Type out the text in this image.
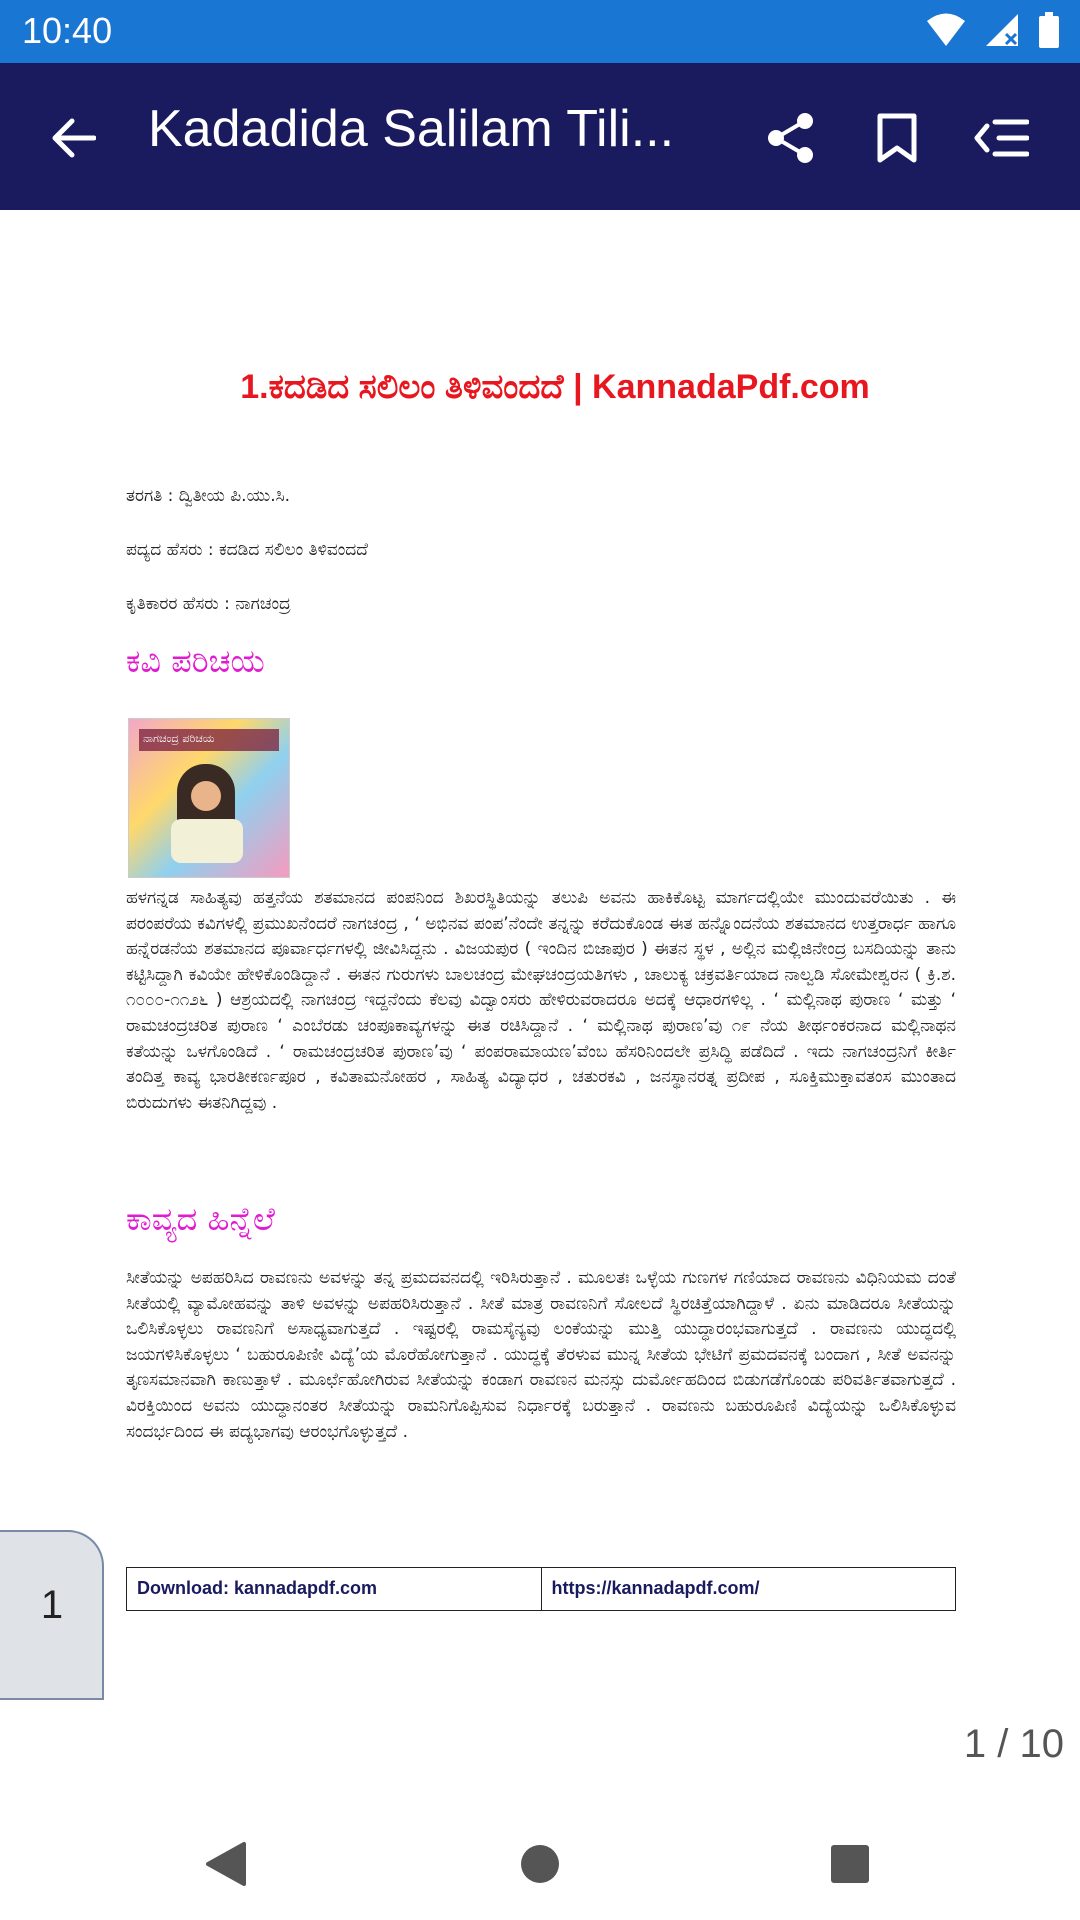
10:40
Kadadida Salilam Tili...
1.ಕದಡಿದ ಸಲಿಲಂ ತಿಳಿವಂದದೆ | KannadaPdf.com
ತರಗತಿ : ದ್ವಿತೀಯ ಪಿ.ಯು.ಸಿ.
ಪದ್ಯದ ಹೆಸರು : ಕದಡಿದ ಸಲಿಲಂ ತಿಳಿವಂದದೆ
ಕೃತಿಕಾರರ ಹೆಸರು : ನಾಗಚಂದ್ರ
ಕವಿ ಪರಿಚಯ
ನಾಗಚಂದ್ರ ಪರಿಚಯ
ಹಳಗನ್ನಡ ಸಾಹಿತ್ಯವು ಹತ್ತನೆಯ ಶತಮಾನದ ಪಂಪನಿಂದ ಶಿಖರಸ್ಥಿತಿಯನ್ನು ತಲುಪಿ ಅವನು ಹಾಕಿಕೊಟ್ಟ ಮಾರ್ಗದಲ್ಲಿಯೇ ಮುಂದುವರೆಯಿತು . ಈ ಪರಂಪರೆಯ ಕವಿಗಳಲ್ಲಿ ಪ್ರಮುಖನೆಂದರೆ ನಾಗಚಂದ್ರ , ‘ ಅಭಿನವ ಪಂಪ’ನೆಂದೇ ತನ್ನನ್ನು ಕರೆದುಕೊಂಡ ಈತ ಹನ್ನೊಂದನೆಯ ಶತಮಾನದ ಉತ್ತರಾರ್ಧ ಹಾಗೂ ಹನ್ನೆರಡನೆಯ ಶತಮಾನದ ಪೂರ್ವಾರ್ಧಗಳಲ್ಲಿ ಜೀವಿಸಿದ್ದನು . ವಿಜಯಪುರ ( ಇಂದಿನ ಬಿಜಾಪುರ ) ಈತನ ಸ್ಥಳ , ಅಲ್ಲಿನ ಮಲ್ಲಿಜಿನೇಂದ್ರ ಬಸದಿಯನ್ನು ತಾನು ಕಟ್ಟಿಸಿದ್ದಾಗಿ ಕವಿಯೇ ಹೇಳಿಕೊಂಡಿದ್ದಾನೆ . ಈತನ ಗುರುಗಳು ಬಾಲಚಂದ್ರ ಮೇಘಚಂದ್ರಯತಿಗಳು , ಚಾಲುಕ್ಯ ಚಕ್ರವರ್ತಿಯಾದ ನಾಲ್ವಡಿ ಸೋಮೇಶ್ವರನ ( ಕ್ರಿ.ಶ. ೧೦೦೦-೧೧೨೬ ) ಆಶ್ರಯದಲ್ಲಿ ನಾಗಚಂದ್ರ ಇದ್ದನೆಂದು ಕೆಲವು ವಿದ್ವಾಂಸರು ಹೇಳಿರುವರಾದರೂ ಅದಕ್ಕೆ ಆಧಾರಗಳಿಲ್ಲ . ‘ ಮಲ್ಲಿನಾಥ ಪುರಾಣ ‘ ಮತ್ತು ‘ ರಾಮಚಂದ್ರಚರಿತ ಪುರಾಣ ‘ ಎಂಬೆರಡು ಚಂಪೂಕಾವ್ಯಗಳನ್ನು ಈತ ರಚಿಸಿದ್ದಾನೆ . ‘ ಮಲ್ಲಿನಾಥ ಪುರಾಣ’ವು ೧೯ ನೆಯ ತೀರ್ಥಂಕರನಾದ ಮಲ್ಲಿನಾಥನ ಕತೆಯನ್ನು ಒಳಗೊಂಡಿದೆ . ‘ ರಾಮಚಂದ್ರಚರಿತ ಪುರಾಣ’ವು ‘ ಪಂಪರಾಮಾಯಣ’ವೆಂಬ ಹೆಸರಿನಿಂದಲೇ ಪ್ರಸಿದ್ಧಿ ಪಡೆದಿದೆ . ಇದು ನಾಗಚಂದ್ರನಿಗೆ ಕೀರ್ತಿ ತಂದಿತ್ತ ಕಾವ್ಯ ಭಾರತೀಕರ್ಣಪೂರ , ಕವಿತಾಮನೋಹರ , ಸಾಹಿತ್ಯ ವಿದ್ಯಾಧರ , ಚತುರಕವಿ , ಜನಸ್ಥಾನರತ್ನ ಪ್ರದೀಪ , ಸೂಕ್ತಿಮುಕ್ತಾವತಂಸ ಮುಂತಾದ ಬಿರುದುಗಳು ಈತನಿಗಿದ್ದವು .
ಕಾವ್ಯದ ಹಿನ್ನೆಲೆ
ಸೀತೆಯನ್ನು ಅಪಹರಿಸಿದ ರಾವಣನು ಅವಳನ್ನು ತನ್ನ ಪ್ರಮದವನದಲ್ಲಿ ಇರಿಸಿರುತ್ತಾನೆ . ಮೂಲತಃ ಒಳ್ಳೆಯ ಗುಣಗಳ ಗಣಿಯಾದ ರಾವಣನು ವಿಧಿನಿಯಮ ದಂತೆ ಸೀತೆಯಲ್ಲಿ ವ್ಯಾಮೋಹವನ್ನು ತಾಳಿ ಅವಳನ್ನು ಅಪಹರಿಸಿರುತ್ತಾನೆ . ಸೀತೆ ಮಾತ್ರ ರಾವಣನಿಗೆ ಸೋಲದೆ ಸ್ಥಿರಚಿತ್ತೆಯಾಗಿದ್ದಾಳೆ . ಏನು ಮಾಡಿದರೂ ಸೀತೆಯನ್ನು ಒಲಿಸಿಕೊಳ್ಳಲು ರಾವಣನಿಗೆ ಅಸಾಧ್ಯವಾಗುತ್ತದೆ . ಇಷ್ಟರಲ್ಲಿ ರಾಮಸೈನ್ಯವು ಲಂಕೆಯನ್ನು ಮುತ್ತಿ ಯುದ್ಧಾರಂಭವಾಗುತ್ತದೆ . ರಾವಣನು ಯುದ್ಧದಲ್ಲಿ ಜಯಗಳಿಸಿಕೊಳ್ಳಲು ‘ ಬಹುರೂಪಿಣೀ ವಿದ್ಯೆ’ಯ ಮೊರೆಹೋಗುತ್ತಾನೆ . ಯುದ್ಧಕ್ಕೆ ತೆರಳುವ ಮುನ್ನ ಸೀತೆಯ ಭೇಟಿಗೆ ಪ್ರಮದವನಕ್ಕೆ ಬಂದಾಗ , ಸೀತೆ ಅವನನ್ನು ತೃಣಸಮಾನವಾಗಿ ಕಾಣುತ್ತಾಳೆ . ಮೂರ್ಛೆಹೋಗಿರುವ ಸೀತೆಯನ್ನು ಕಂಡಾಗ ರಾವಣನ ಮನಸ್ಸು ದುರ್ಮೋಹದಿಂದ ಬಿಡುಗಡೆಗೊಂಡು ಪರಿವರ್ತಿತವಾಗುತ್ತದೆ . ವಿರಕ್ತಿಯಿಂದ ಅವನು ಯುದ್ಧಾನಂತರ ಸೀತೆಯನ್ನು ರಾಮನಿಗೊಪ್ಪಿಸುವ ನಿರ್ಧಾರಕ್ಕೆ ಬರುತ್ತಾನೆ . ರಾವಣನು ಬಹುರೂಪಿಣಿ ವಿದ್ಯೆಯನ್ನು ಒಲಿಸಿಕೊಳ್ಳುವ ಸಂದರ್ಭದಿಂದ ಈ ಪದ್ಯಭಾಗವು ಆರಂಭಗೊಳ್ಳುತ್ತದೆ .
Download: kannadapdf.com	https://kannadapdf.com/
1
1 / 10
